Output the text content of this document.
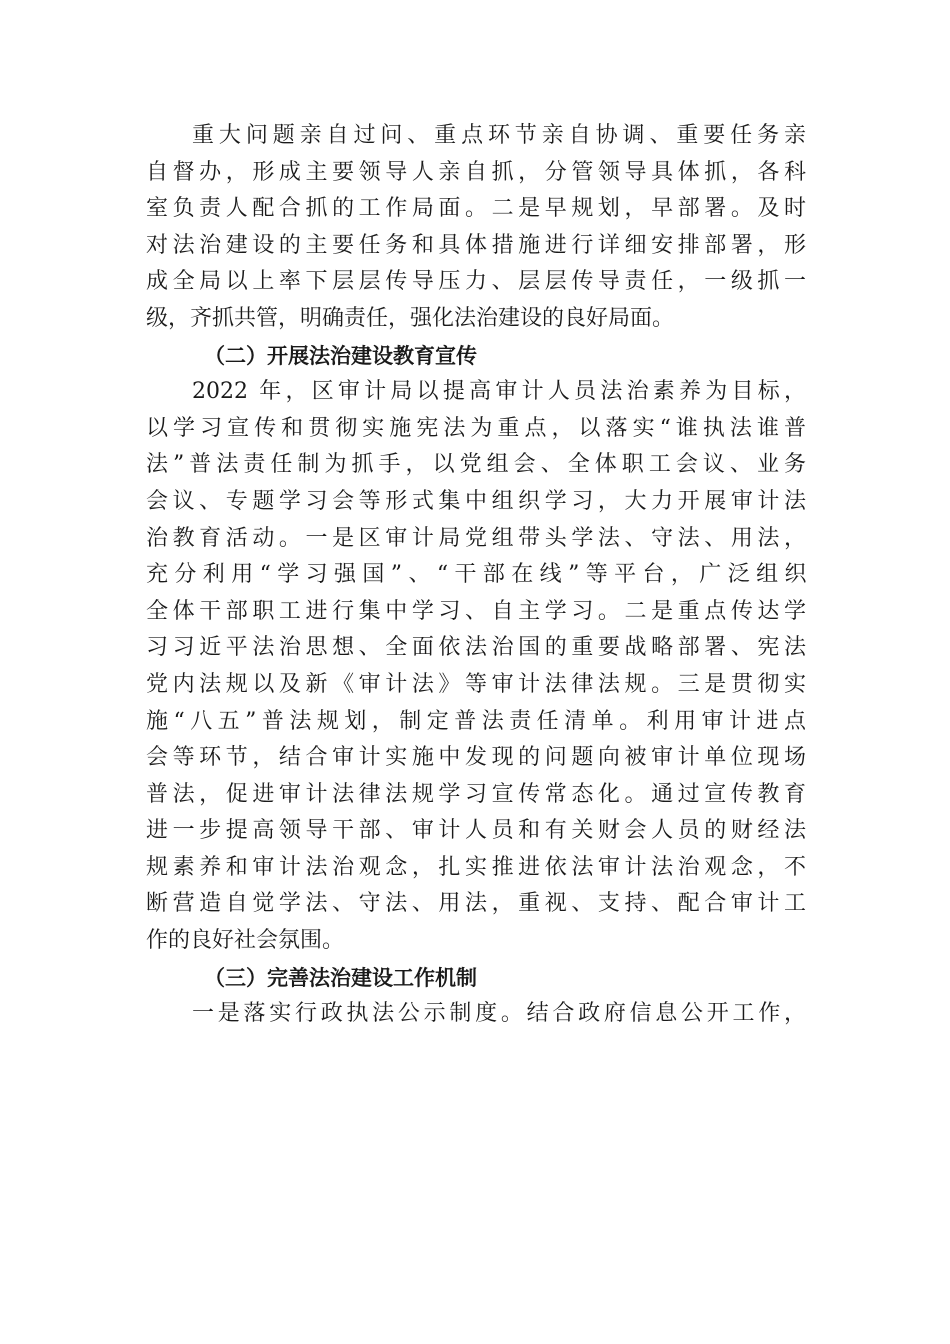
重大问题亲自过问、重点环节亲自协调、重要任务亲
自督办，形成主要领导人亲自抓，分管领导具体抓，各科
室负责人配合抓的工作局面。二是早规划，早部署。及时
对法治建设的主要任务和具体措施进行详细安排部署，形
成全局以上率下层层传导压力、层层传导责任，一级抓一
级，齐抓共管，明确责任，强化法治建设的良好局面。
（二）开展法治建设教育宣传
2022 年，区审计局以提高审计人员法治素养为目标，
以学习宣传和贯彻实施宪法为重点，以落实“谁执法谁普
法”普法责任制为抓手，以党组会、全体职工会议、业务
会议、专题学习会等形式集中组织学习，大力开展审计法
治教育活动。一是区审计局党组带头学法、守法、用法，
充分利用“学习强国”、“干部在线”等平台，广泛组织
全体干部职工进行集中学习、自主学习。二是重点传达学
习习近平法治思想、全面依法治国的重要战略部署、宪法
党内法规以及新《审计法》等审计法律法规。三是贯彻实
施“八五”普法规划，制定普法责任清单。利用审计进点
会等环节，结合审计实施中发现的问题向被审计单位现场
普法，促进审计法律法规学习宣传常态化。通过宣传教育
进一步提高领导干部、审计人员和有关财会人员的财经法
规素养和审计法治观念，扎实推进依法审计法治观念，不
断营造自觉学法、守法、用法，重视、支持、配合审计工
作的良好社会氛围。
（三）完善法治建设工作机制
一是落实行政执法公示制度。结合政府信息公开工作，
